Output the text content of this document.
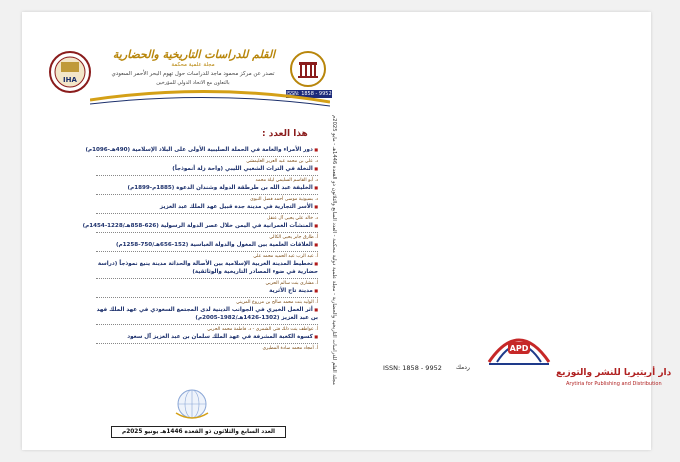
APD
دار أريتيريا للنشر والتوزيع
Arytiria for Publishing and Distribution
ISSN: 1858 - 9952 ردمك
مجلة القلم للدراسات التاريخية والحضارية - مجلة علمية دولية محكمة - العدد السابع والثلاثون ذو القعدة 1446هـ - مايو 2025م
IHA
ISSN: 1858 - 9952
القلم للدراسات التاريخية والحضارية
مجلة علمية محكمة
تصدر عن مركز محمود ماجد للدراسات حول تهوم البحر الأحمر السعودي
بالتعاون مع الاتحاد الدولي للمؤرخين
هذا العدد :
■ دور الأمراء والعامة في الحملة الصليبية الأولى على البلاد الإسلامية (490هـ-1096م)
د. علي بن محمد عبد العزيز الغليمشي
■ النخلة في التراث الشعبي الليبي (واحة زلة أنموذجاً)
د. أبو القاسم السليمي ليلة محمد
■ الخليفة عبد الله بن طرطقة الدولة وشندان الدعوة (1885م-1899م)
د. بسيونية موسى أحمد فضل النبوي
■ الأسر التجارية في مدينة جدة قبيل عهد الملك عبد العزيز
د. خالد علي يحيى آل عنقل
■ المنشآت العمرانية في اليمن خلال عصر الدولة الرسولية (626-858هـ/1228-1454م)
أ. طارق جابر يحيى الكالي
■ العلاقات العلمية بين المغول والدولة العباسية (152-656هـ/750-1258م)
أ. عبد الرب عبد الحميد محمد علي
■ تخطيط المدينة العربية الإسلامية بين الأصالة والحداثة مدينة ينبع نموذجاً (دراسة حضارية في ضوء المصادر التاريخية والوثائقية)
أ. مشاري بنت سالم الحربي
■ مدينة تاج الأثرية
أ. الوليد بنت محمد صالح بن مزروع المزيني
■ أثر العمل الخيري في الجوانب الدينية لدى المجتمع السعودي في عهد الملك فهد بن عبد العزيز (1302-1426هـ/1982-2005م)
أ. عواطف بنت ذلك فتى الشمري - د. فاطمة محمد الحربي
■ كسوة الكعبة المشرفة في عهد الملك سلمان بن عبد العزيز آل سعود
أ. أمجاد محمد سادة المطيري
العدد السابع والثلاثون ذو القعدة 1446هـ يونيو 2025م
